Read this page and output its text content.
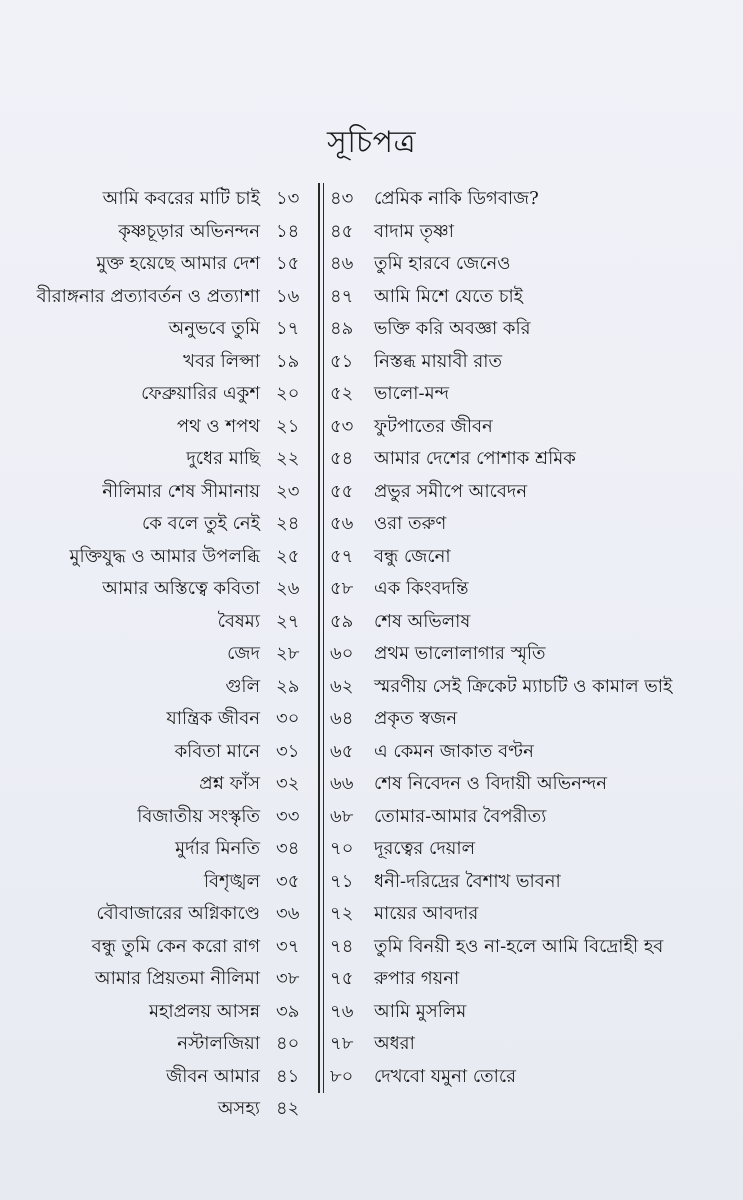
সূচিপত্র
আমি কবরের মাটি চাই ১৩
কৃষ্ণচূড়ার অভিনন্দন ১৪
মুক্ত হয়েছে আমার দেশ ১৫
বীরাঙ্গনার প্রত্যাবর্তন ও প্রত্যাশা ১৬
অনুভবে তুমি ১৭
খবর লিপ্সা ১৯
ফেব্রুয়ারির একুশ ২০
পথ ও শপথ ২১
দুধের মাছি ২২
নীলিমার শেষ সীমানায় ২৩
কে বলে তুই নেই ২৪
মুক্তিযুদ্ধ ও আমার উপলব্ধি ২৫
আমার অস্তিত্বে কবিতা ২৬
বৈষম্য ২৭
জেদ ২৮
গুলি ২৯
যান্ত্রিক জীবন ৩০
কবিতা মানে ৩১
প্রশ্ন ফাঁস ৩২
বিজাতীয় সংস্কৃতি ৩৩
মুর্দার মিনতি ৩৪
বিশৃঙ্খল ৩৫
বৌবাজারের অগ্নিকাণ্ডে ৩৬
বন্ধু তুমি কেন করো রাগ ৩৭
আমার প্রিয়তমা নীলিমা ৩৮
মহাপ্রলয় আসন্ন ৩৯
নস্টালজিয়া ৪০
জীবন আমার ৪১
অসহ্য ৪২
৪৩	প্রেমিক নাকি ডিগবাজ?
৪৫	বাদাম তৃষ্ণা
৪৬	তুমি হারবে জেনেও
৪৭	আমি মিশে যেতে চাই
৪৯	ভক্তি করি অবজ্ঞা করি
৫১	নিস্তব্ধ মায়াবী রাত
৫২	ভালো-মন্দ
৫৩	ফুটপাতের জীবন
৫৪	আমার দেশের পোশাক শ্রমিক
৫৫	প্রভুর সমীপে আবেদন
৫৬	ওরা তরুণ
৫৭	বন্ধু জেনো
৫৮	এক কিংবদন্তি
৫৯	শেষ অভিলাষ
৬০	প্রথম ভালোলাগার স্মৃতি
৬২	স্মরণীয় সেই ক্রিকেট ম্যাচটি ও কামাল ভাই
৬৪	প্রকৃত স্বজন
৬৫	এ কেমন জাকাত বণ্টন
৬৬	শেষ নিবেদন ও বিদায়ী অভিনন্দন
৬৮	তোমার-আমার বৈপরীত্য
৭০	দূরত্বের দেয়াল
৭১	ধনী-দরিদ্রের বৈশাখ ভাবনা
৭২	মায়ের আবদার
৭৪	তুমি বিনয়ী হও না-হলে আমি বিদ্রোহী হব
৭৫	রুপার গয়না
৭৬	আমি মুসলিম
৭৮	অধরা
৮০	দেখবো যমুনা তোরে
